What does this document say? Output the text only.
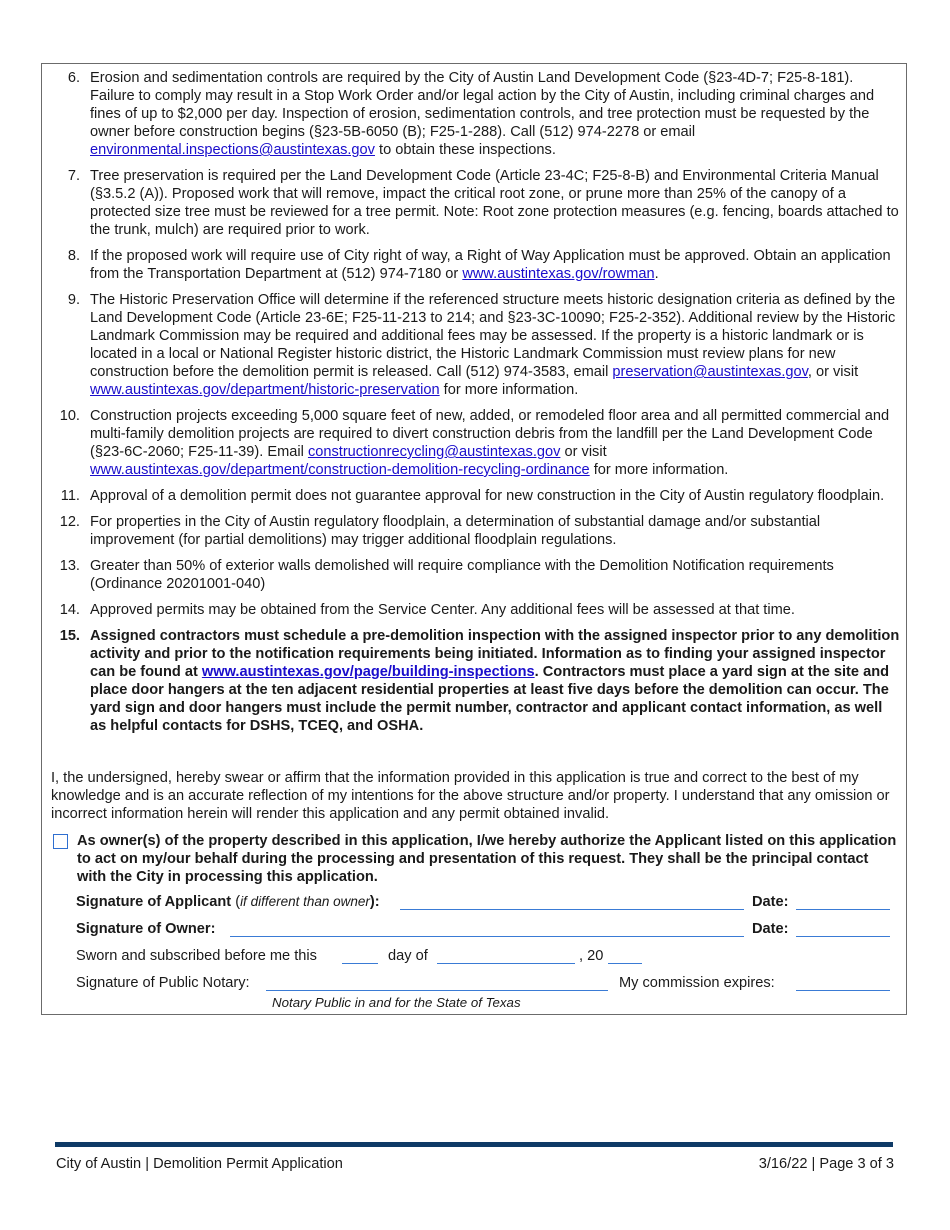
6. Erosion and sedimentation controls are required by the City of Austin Land Development Code (§23-4D-7; F25-8-181). Failure to comply may result in a Stop Work Order and/or legal action by the City of Austin, including criminal charges and fines of up to $2,000 per day. Inspection of erosion, sedimentation controls, and tree protection must be requested by the owner before construction begins (§23-5B-6050 (B); F25-1-288). Call (512) 974-2278 or email environmental.inspections@austintexas.gov to obtain these inspections.
7. Tree preservation is required per the Land Development Code (Article 23-4C; F25-8-B) and Environmental Criteria Manual (§3.5.2 (A)). Proposed work that will remove, impact the critical root zone, or prune more than 25% of the canopy of a protected size tree must be reviewed for a tree permit. Note: Root zone protection measures (e.g. fencing, boards attached to the trunk, mulch) are required prior to work.
8. If the proposed work will require use of City right of way, a Right of Way Application must be approved. Obtain an application from the Transportation Department at (512) 974-7180 or www.austintexas.gov/rowman.
9. The Historic Preservation Office will determine if the referenced structure meets historic designation criteria as defined by the Land Development Code (Article 23-6E; F25-11-213 to 214; and §23-3C-10090; F25-2-352). Additional review by the Historic Landmark Commission may be required and additional fees may be assessed. If the property is a historic landmark or is located in a local or National Register historic district, the Historic Landmark Commission must review plans for new construction before the demolition permit is released. Call (512) 974-3583, email preservation@austintexas.gov, or visit www.austintexas.gov/department/historic-preservation for more information.
10. Construction projects exceeding 5,000 square feet of new, added, or remodeled floor area and all permitted commercial and multi-family demolition projects are required to divert construction debris from the landfill per the Land Development Code (§23-6C-2060; F25-11-39). Email constructionrecycling@austintexas.gov or visit www.austintexas.gov/department/construction-demolition-recycling-ordinance for more information.
11. Approval of a demolition permit does not guarantee approval for new construction in the City of Austin regulatory floodplain.
12. For properties in the City of Austin regulatory floodplain, a determination of substantial damage and/or substantial improvement (for partial demolitions) may trigger additional floodplain regulations.
13. Greater than 50% of exterior walls demolished will require compliance with the Demolition Notification requirements (Ordinance 20201001-040)
14. Approved permits may be obtained from the Service Center. Any additional fees will be assessed at that time.
15. Assigned contractors must schedule a pre-demolition inspection with the assigned inspector prior to any demolition activity and prior to the notification requirements being initiated. Information as to finding your assigned inspector can be found at www.austintexas.gov/page/building-inspections. Contractors must place a yard sign at the site and place door hangers at the ten adjacent residential properties at least five days before the demolition can occur. The yard sign and door hangers must include the permit number, contractor and applicant contact information, as well as helpful contacts for DSHS, TCEQ, and OSHA.
I, the undersigned, hereby swear or affirm that the information provided in this application is true and correct to the best of my knowledge and is an accurate reflection of my intentions for the above structure and/or property. I understand that any omission or incorrect information herein will render this application and any permit obtained invalid.
As owner(s) of the property described in this application, I/we hereby authorize the Applicant listed on this application to act on my/our behalf during the processing and presentation of this request. They shall be the principal contact with the City in processing this application.
Signature of Applicant (if different than owner):	Date:
Signature of Owner:	Date:
Sworn and subscribed before me this	day of	, 20
Signature of Public Notary:	My commission expires:
Notary Public in and for the State of Texas
City of Austin | Demolition Permit Application	3/16/22 | Page 3 of 3
